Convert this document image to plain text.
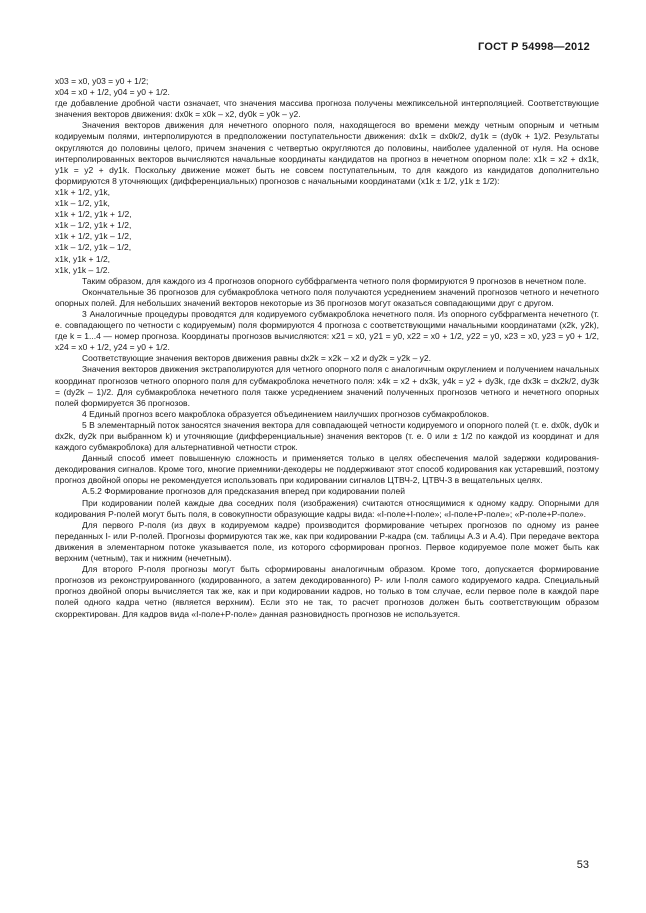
ГОСТ Р 54998—2012

x03 = x0, y03 = y0 + 1/2;

x04 = x0 + 1/2, y04 = y0 + 1/2.

где добавление дробной части означает, что значения массива прогноза получены межпиксельной интерполяцией. Соответствующие значения векторов движения: dx0k = x0k – x2, dy0k = y0k – y2.

Значения векторов движения для нечетного опорного поля, находящегося во времени между четным опорным и четным кодируемым полями, интерполируются в предположении поступательности движения: dx1k = dx0k/2, dy1k = (dy0k + 1)/2. Результаты округляются до половины целого, причем значения с четвертью округляются до половины, наиболее удаленной от нуля. На основе интерполированных векторов вычисляются начальные координаты кандидатов на прогноз в нечетном опорном поле: x1k = x2 + dx1k, y1k = y2 + dy1k. Поскольку движение может быть не совсем поступательным, то для каждого из кандидатов дополнительно формируются 8 уточняющих (дифференциальных) прогнозов с начальными координатами (x1k ± 1/2, y1k ± 1/2):

x1k + 1/2, y1k,

x1k – 1/2, y1k,

x1k + 1/2, y1k + 1/2,

x1k – 1/2, y1k + 1/2,

x1k + 1/2, y1k – 1/2,

x1k – 1/2, y1k – 1/2,

x1k, y1k + 1/2,

x1k, y1k – 1/2.

Таким образом, для каждого из 4 прогнозов опорного суббфрагмента четного поля формируются 9 прогнозов в нечетном поле.

Окончательные 36 прогнозов для субмакроблока четного поля получаются усреднением значений прогнозов четного и нечетного опорных полей. Для небольших значений векторов некоторые из 36 прогнозов могут оказаться совпадающими друг с другом.

3 Аналогичные процедуры проводятся для кодируемого субмакроблока нечетного поля. Из опорного субфрагмента нечетного (т. е. совпадающего по четности с кодируемым) поля формируются 4 прогноза с соответствующими начальными координатами (x2k, y2k), где k = 1...4 — номер прогноза. Координаты прогнозов вычисляются: x21 = x0, y21 = y0, x22 = x0 + 1/2, y22 = y0, x23 = x0, y23 = y0 + 1/2, x24 = x0 + 1/2, y24 = y0 + 1/2.

Соответствующие значения векторов движения равны dx2k = x2k – x2 и dy2k = y2k – y2.

Значения векторов движения экстраполируются для четного опорного поля с аналогичным округлением и получением начальных координат прогнозов четного опорного поля для субмакроблока нечетного поля: x4k = x2 + dx3k, y4k = y2 + dy3k, где dx3k = dx2k/2, dy3k = (dy2k – 1)/2. Для субмакроблока нечетного поля также усреднением значений полученных прогнозов четного и нечетного опорных полей формируется 36 прогнозов.

4 Единый прогноз всего макроблока образуется объединением наилучших прогнозов субмакроблоков.

5 В элементарный поток заносятся значения вектора для совпадающей четности кодируемого и опорного полей (т. е. dx0k, dy0k и dx2k, dy2k при выбранном k) и уточняющие (дифференциальные) значения векторов (т. е. 0 или ± 1/2 по каждой из координат и для каждого субмакроблока) для альтернативной четности строк.

Данный способ имеет повышенную сложность и применяется только в целях обеспечения малой задержки кодирования-декодирования сигналов. Кроме того, многие приемники-декодеры не поддерживают этот способ кодирования как устаревший, поэтому прогноз двойной опоры не рекомендуется использовать при кодировании сигналов ЦТВЧ-2, ЦТВЧ-3 в вещательных целях.

А.5.2 Формирование прогнозов для предсказания вперед при кодировании полей

При кодировании полей каждые два соседних поля (изображения) считаются относящимися к одному кадру. Опорными для кодирования P-полей могут быть поля, в совокупности образующие кадры вида: «I-поле+I-поле»; «I-поле+P-поле»; «P-поле+P-поле».

Для первого P-поля (из двух в кодируемом кадре) производится формирование четырех прогнозов по одному из ранее переданных I- или P-полей. Прогнозы формируются так же, как при кодировании P-кадра (см. таблицы А.3 и А.4). При передаче вектора движения в элементарном потоке указывается поле, из которого сформирован прогноз. Первое кодируемое поле может быть как верхним (четным), так и нижним (нечетным).

Для второго P-поля прогнозы могут быть сформированы аналогичным образом. Кроме того, допускается формирование прогнозов из реконструированного (кодированного, а затем декодированного) P- или I-поля самого кодируемого кадра. Специальный прогноз двойной опоры вычисляется так же, как и при кодировании кадров, но только в том случае, если первое поле в каждой паре полей одного кадра четно (является верхним). Если это не так, то расчет прогнозов должен быть соответствующим образом скорректирован. Для кадров вида «I-поле+P-поле» данная разновидность прогнозов не используется.

53
